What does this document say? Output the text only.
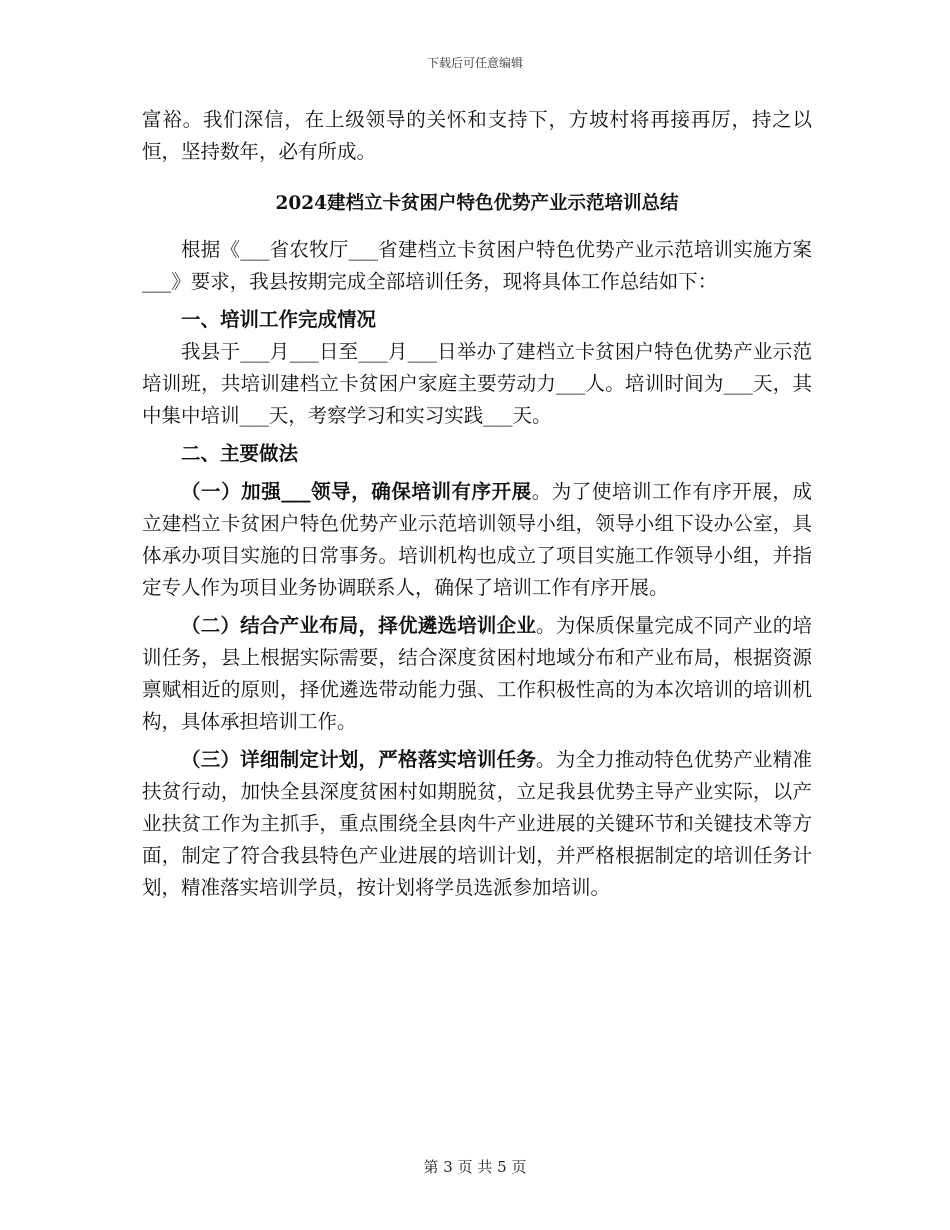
下载后可任意编辑

富裕。我们深信，在上级领导的关怀和支持下，方坡村将再接再厉，持之以恒，坚持数年，必有所成。

2024建档立卡贫困户特色优势产业示范培训总结

根据《___省农牧厅___省建档立卡贫困户特色优势产业示范培训实施方案___》要求，我县按期完成全部培训任务，现将具体工作总结如下：

一、培训工作完成情况

我县于___月___日至___月___日举办了建档立卡贫困户特色优势产业示范培训班，共培训建档立卡贫困户家庭主要劳动力___人。培训时间为___天，其中集中培训___天，考察学习和实习实践___天。

二、主要做法

（一）加强___领导，确保培训有序开展。为了使培训工作有序开展，成立建档立卡贫困户特色优势产业示范培训领导小组，领导小组下设办公室，具体承办项目实施的日常事务。培训机构也成立了项目实施工作领导小组，并指定专人作为项目业务协调联系人，确保了培训工作有序开展。

（二）结合产业布局，择优遴选培训企业。为保质保量完成不同产业的培训任务，县上根据实际需要，结合深度贫困村地域分布和产业布局，根据资源禀赋相近的原则，择优遴选带动能力强、工作积极性高的为本次培训的培训机构，具体承担培训工作。

（三）详细制定计划，严格落实培训任务。为全力推动特色优势产业精准扶贫行动，加快全县深度贫困村如期脱贫，立足我县优势主导产业实际，以产业扶贫工作为主抓手，重点围绕全县肉牛产业进展的关键环节和关键技术等方面，制定了符合我县特色产业进展的培训计划，并严格根据制定的培训任务计划，精准落实培训学员，按计划将学员选派参加培训。

第 3 页 共 5 页
